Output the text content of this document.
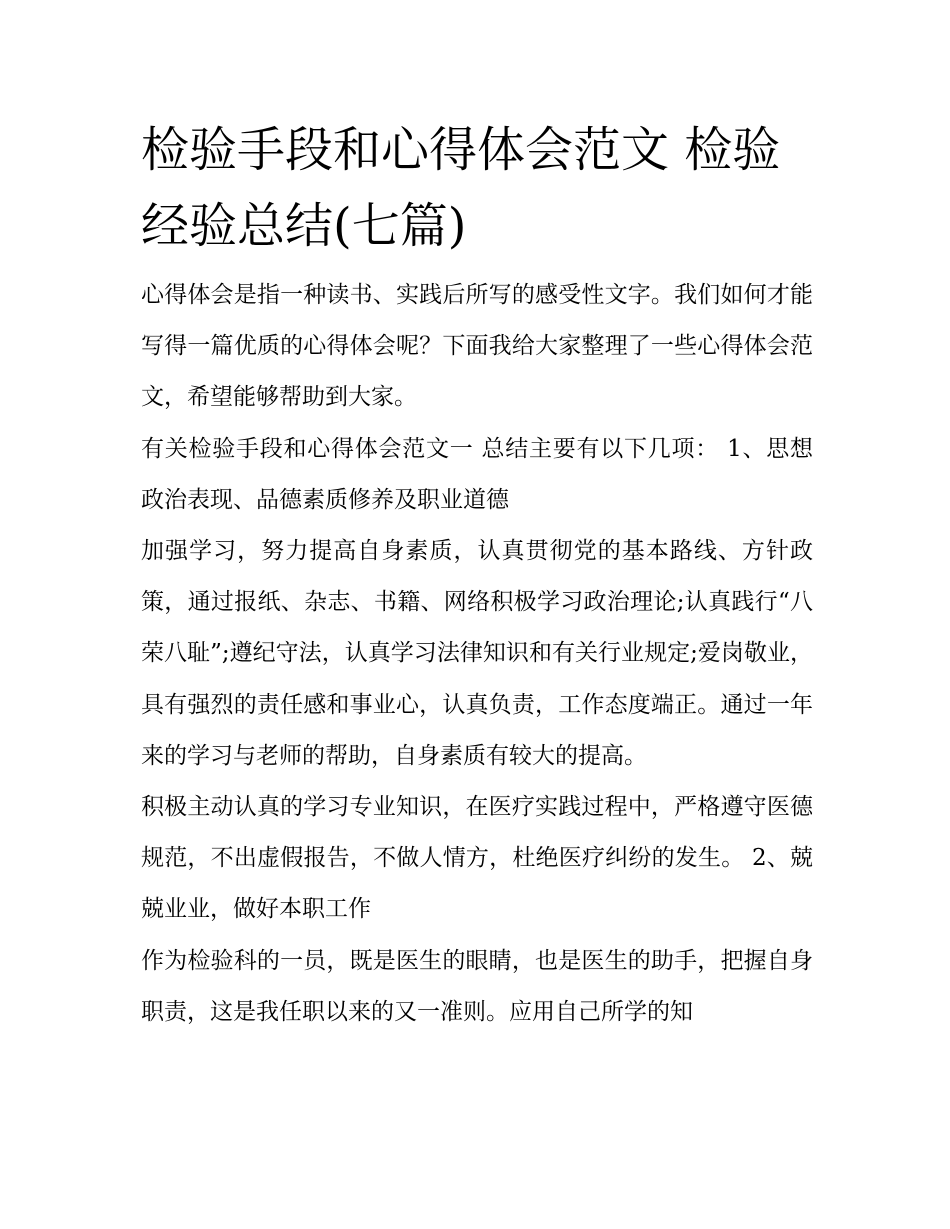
检验手段和心得体会范文 检验经验总结(七篇)

心得体会是指一种读书、实践后所写的感受性文字。我们如何才能写得一篇优质的心得体会呢？下面我给大家整理了一些心得体会范文，希望能够帮助到大家。

有关检验手段和心得体会范文一 总结主要有以下几项： 1、思想政治表现、品德素质修养及职业道德

加强学习，努力提高自身素质，认真贯彻党的基本路线、方针政策，通过报纸、杂志、书籍、网络积极学习政治理论;认真践行“八荣八耻”;遵纪守法，认真学习法律知识和有关行业规定;爱岗敬业，具有强烈的责任感和事业心，认真负责，工作态度端正。通过一年来的学习与老师的帮助，自身素质有较大的提高。

积极主动认真的学习专业知识，在医疗实践过程中，严格遵守医德规范，不出虚假报告，不做人情方，杜绝医疗纠纷的发生。 2、兢兢业业，做好本职工作

作为检验科的一员，既是医生的眼睛，也是医生的助手，把握自身职责，这是我任职以来的又一准则。应用自己所学的知
